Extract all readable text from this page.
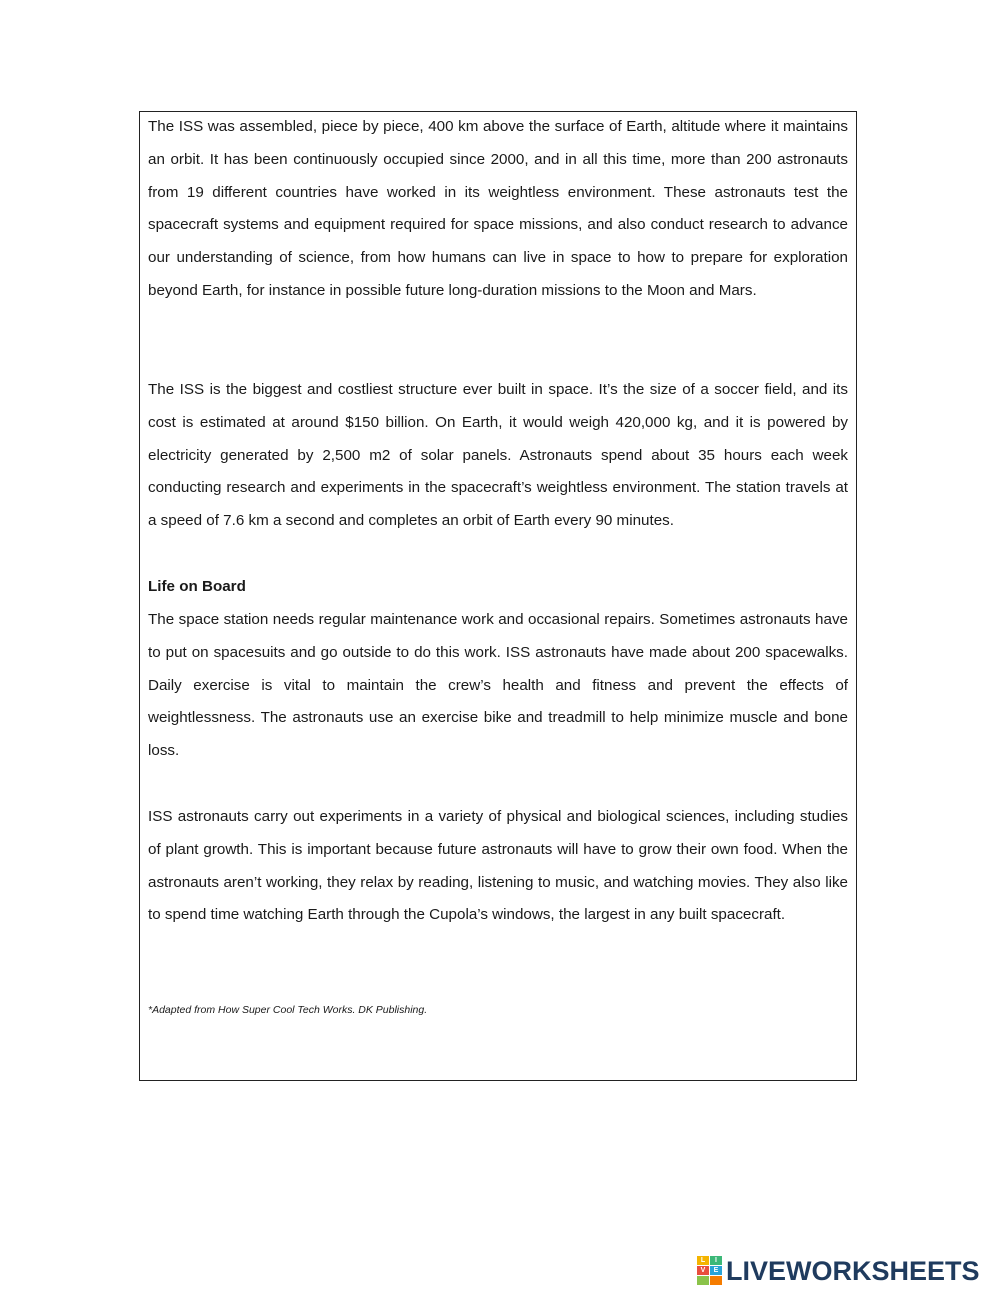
The ISS was assembled, piece by piece, 400 km above the surface of Earth, altitude where it maintains an orbit. It has been continuously occupied since 2000, and in all this time, more than 200 astronauts from 19 different countries have worked in its weightless environment. These astronauts test the spacecraft systems and equipment required for space missions, and also conduct research to advance our understanding of science, from how humans can live in space to how to prepare for exploration beyond Earth, for instance in possible future long-duration missions to the Moon and Mars.

The ISS is the biggest and costliest structure ever built in space. It’s the size of a soccer field, and its cost is estimated at around $150 billion. On Earth, it would weigh 420,000 kg, and it is powered by electricity generated by 2,500 m2 of solar panels. Astronauts spend about 35 hours each week conducting research and experiments in the spacecraft’s weightless environment. The station travels at a speed of 7.6 km a second and completes an orbit of Earth every 90 minutes.

Life on Board

The space station needs regular maintenance work and occasional repairs. Sometimes astronauts have to put on spacesuits and go outside to do this work. ISS astronauts have made about 200 spacewalks. Daily exercise is vital to maintain the crew’s health and fitness and prevent the effects of weightlessness. The astronauts use an exercise bike and treadmill to help minimize muscle and bone loss.

ISS astronauts carry out experiments in a variety of physical and biological sciences, including studies of plant growth. This is important because future astronauts will have to grow their own food. When the astronauts aren’t working, they relax by reading, listening to music, and watching movies. They also like to spend time watching Earth through the Cupola’s windows, the largest in any built spacecraft.

*Adapted from How Super Cool Tech Works. DK Publishing.

L	I
V	E LIVEWORKSHEETS
